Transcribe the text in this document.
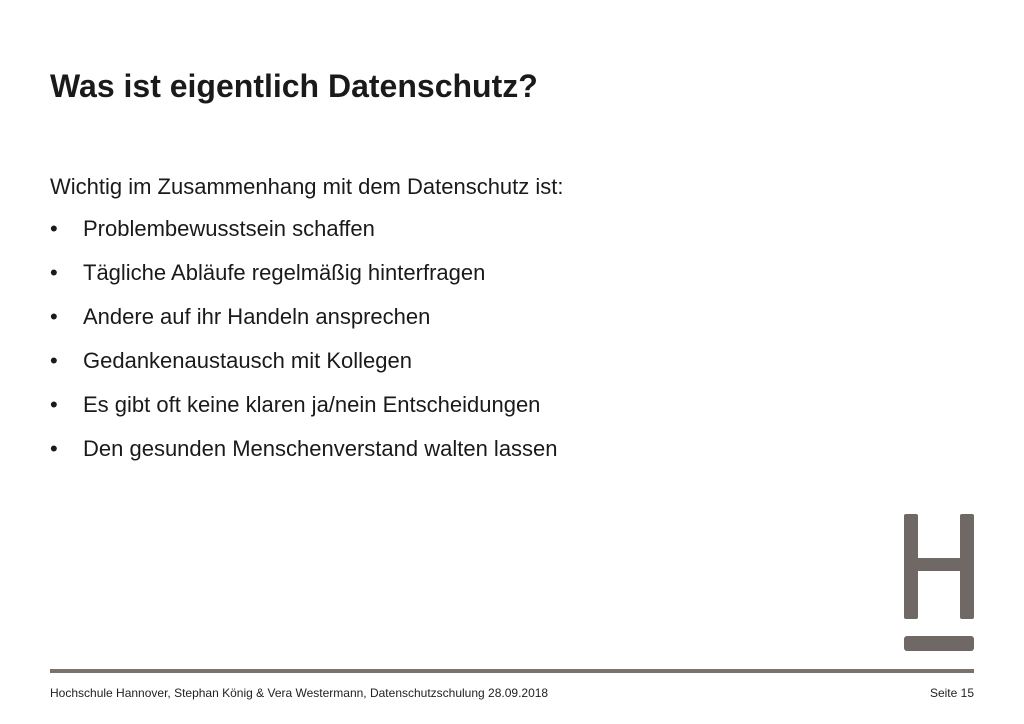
Was ist eigentlich Datenschutz?
Wichtig im Zusammenhang mit dem Datenschutz ist:
• Problembewusstsein schaffen
• Tägliche Abläufe regelmäßig hinterfragen
• Andere auf ihr Handeln ansprechen
• Gedankenaustausch mit Kollegen
• Es gibt oft keine klaren ja/nein Entscheidungen
• Den gesunden Menschenverstand walten lassen
Hochschule Hannover, Stephan König & Vera Westermann, Datenschutzschulung 28.09.2018	Seite 15
